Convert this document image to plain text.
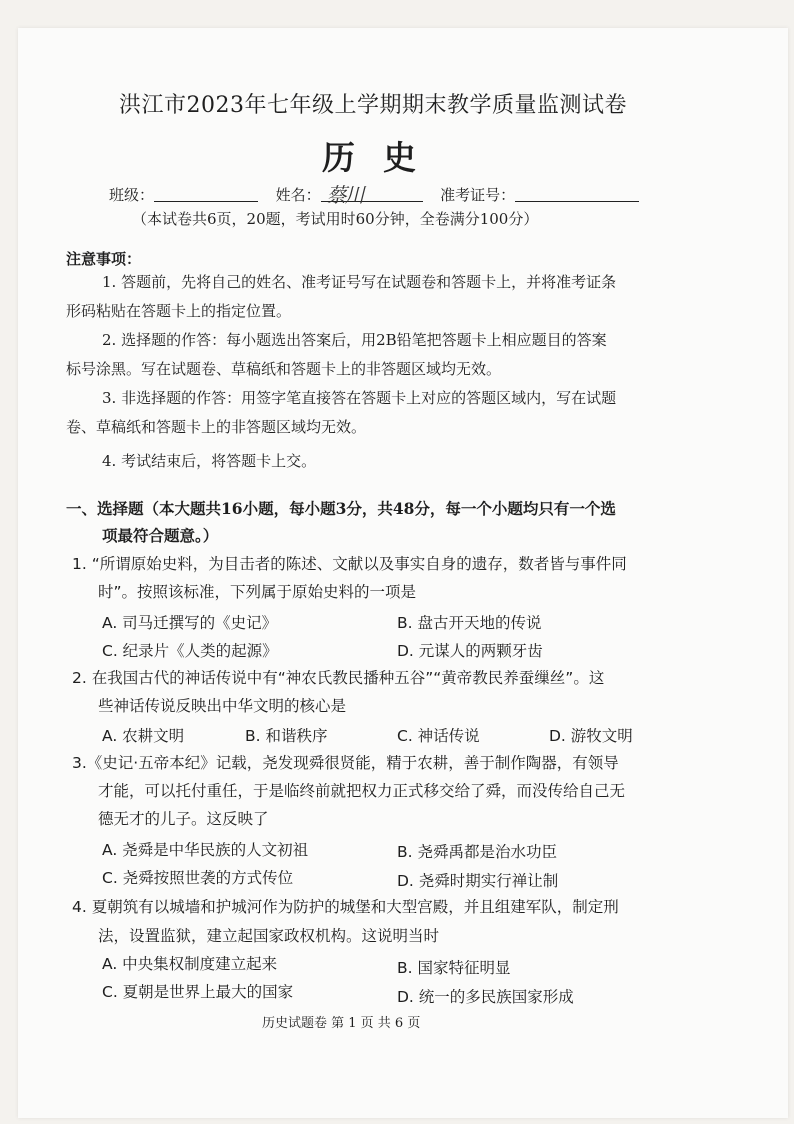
洪江市2023年七年级上学期期末教学质量监测试卷
历史
班级：	姓名： 蔡川	准考证号：
（本试卷共6页，20题，考试用时60分钟，全卷满分100分）
注意事项：
1. 答题前，先将自己的姓名、准考证号写在试题卷和答题卡上，并将准考证条
形码粘贴在答题卡上的指定位置。
2. 选择题的作答：每小题选出答案后，用2B铅笔把答题卡上相应题目的答案
标号涂黑。写在试题卷、草稿纸和答题卡上的非答题区域均无效。
3. 非选择题的作答：用签字笔直接答在答题卡上对应的答题区域内，写在试题
卷、草稿纸和答题卡上的非答题区域均无效。
4. 考试结束后，将答题卡上交。
一、选择题（本大题共16小题，每小题3分，共48分，每一个小题均只有一个选
项最符合题意。）
1. “所谓原始史料，为目击者的陈述、文献以及事实自身的遗存，数者皆与事件同
时”。按照该标准，下列属于原始史料的一项是
A. 司马迁撰写的《史记》	B. 盘古开天地的传说
C. 纪录片《人类的起源》	D. 元谋人的两颗牙齿
2. 在我国古代的神话传说中有“神农氏教民播种五谷”“黄帝教民养蚕缫丝”。这
些神话传说反映出中华文明的核心是
A. 农耕文明	B. 和谐秩序	C. 神话传说	D. 游牧文明
3.《史记·五帝本纪》记载，尧发现舜很贤能，精于农耕，善于制作陶器，有领导
才能，可以托付重任，于是临终前就把权力正式移交给了舜，而没传给自己无
德无才的儿子。这反映了
A. 尧舜是中华民族的人文初祖	B. 尧舜禹都是治水功臣
C. 尧舜按照世袭的方式传位	D. 尧舜时期实行禅让制
4. 夏朝筑有以城墙和护城河作为防护的城堡和大型宫殿，并且组建军队，制定刑
法，设置监狱，建立起国家政权机构。这说明当时
A. 中央集权制度建立起来	B. 国家特征明显
C. 夏朝是世界上最大的国家	D. 统一的多民族国家形成
历史试题卷 第 1 页 共 6 页
